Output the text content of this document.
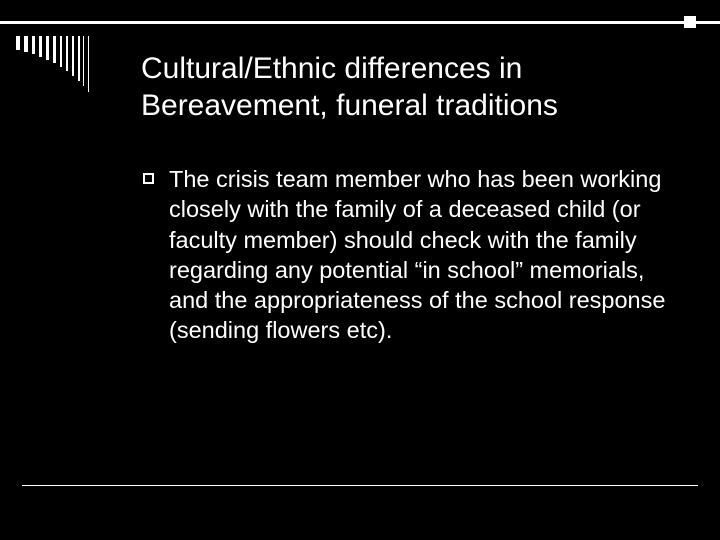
Cultural/Ethnic differences in
Bereavement, funeral traditions
The crisis team member who has been working closely with the family of a deceased child (or faculty member) should check with the family regarding any potential “in school” memorials, and the appropriateness of the school response (sending flowers etc).
